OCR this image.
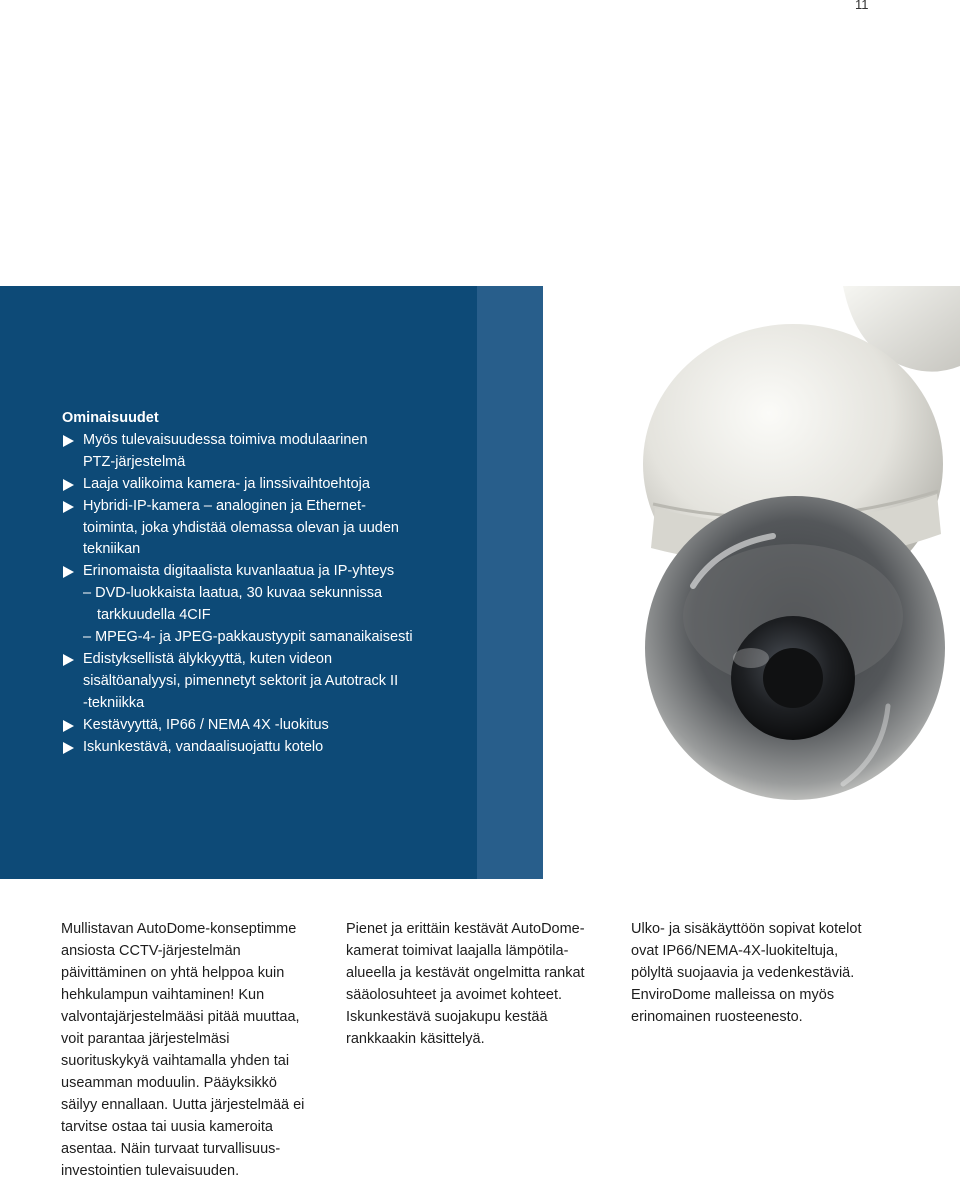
11
Ominaisuudet
Myös tulevaisuudessa toimiva modulaarinen
PTZ-järjestelmä
Laaja valikoima kamera- ja linssivaihtoehtoja
Hybridi-IP-kamera – analoginen ja Ethernet-
toiminta, joka yhdistää olemassa olevan ja uuden
tekniikan
Erinomaista digitaalista kuvanlaatua ja IP-yhteys
– DVD-luokkaista laatua, 30 kuvaa sekunnissa
tarkkuudella 4CIF
– MPEG-4- ja JPEG-pakkaustyypit samanaikaisesti
Edistyksellistä älykkyyttä, kuten videon
sisältöanalyysi, pimennetyt sektorit ja Autotrack II
-tekniikka
Kestävyyttä, IP66 / NEMA 4X -luokitus
Iskunkestävä, vandaalisuojattu kotelo
Mullistavan AutoDome-konseptimme
ansiosta CCTV-järjestelmän
päivittäminen on yhtä helppoa kuin
hehkulampun vaihtaminen! Kun
valvontajärjestelmääsi pitää muuttaa,
voit parantaa järjestelmäsi
suorituskykyä vaihtamalla yhden tai
useamman moduulin. Pääyksikkö
säilyy ennallaan. Uutta järjestelmää ei
tarvitse ostaa tai uusia kameroita
asentaa. Näin turvaat turvallisuus-
investointien tulevaisuuden.
Pienet ja erittäin kestävät AutoDome-
kamerat toimivat laajalla lämpötila-
alueella ja kestävät ongelmitta rankat
sääolosuhteet ja avoimet kohteet.
Iskunkestävä suojakupu kestää
rankkaakin käsittelyä.
Ulko- ja sisäkäyttöön sopivat kotelot
ovat IP66/NEMA-4X-luokiteltuja,
pölyltä suojaavia ja vedenkestäviä.
EnviroDome malleissa on myös
erinomainen ruosteenesto.
